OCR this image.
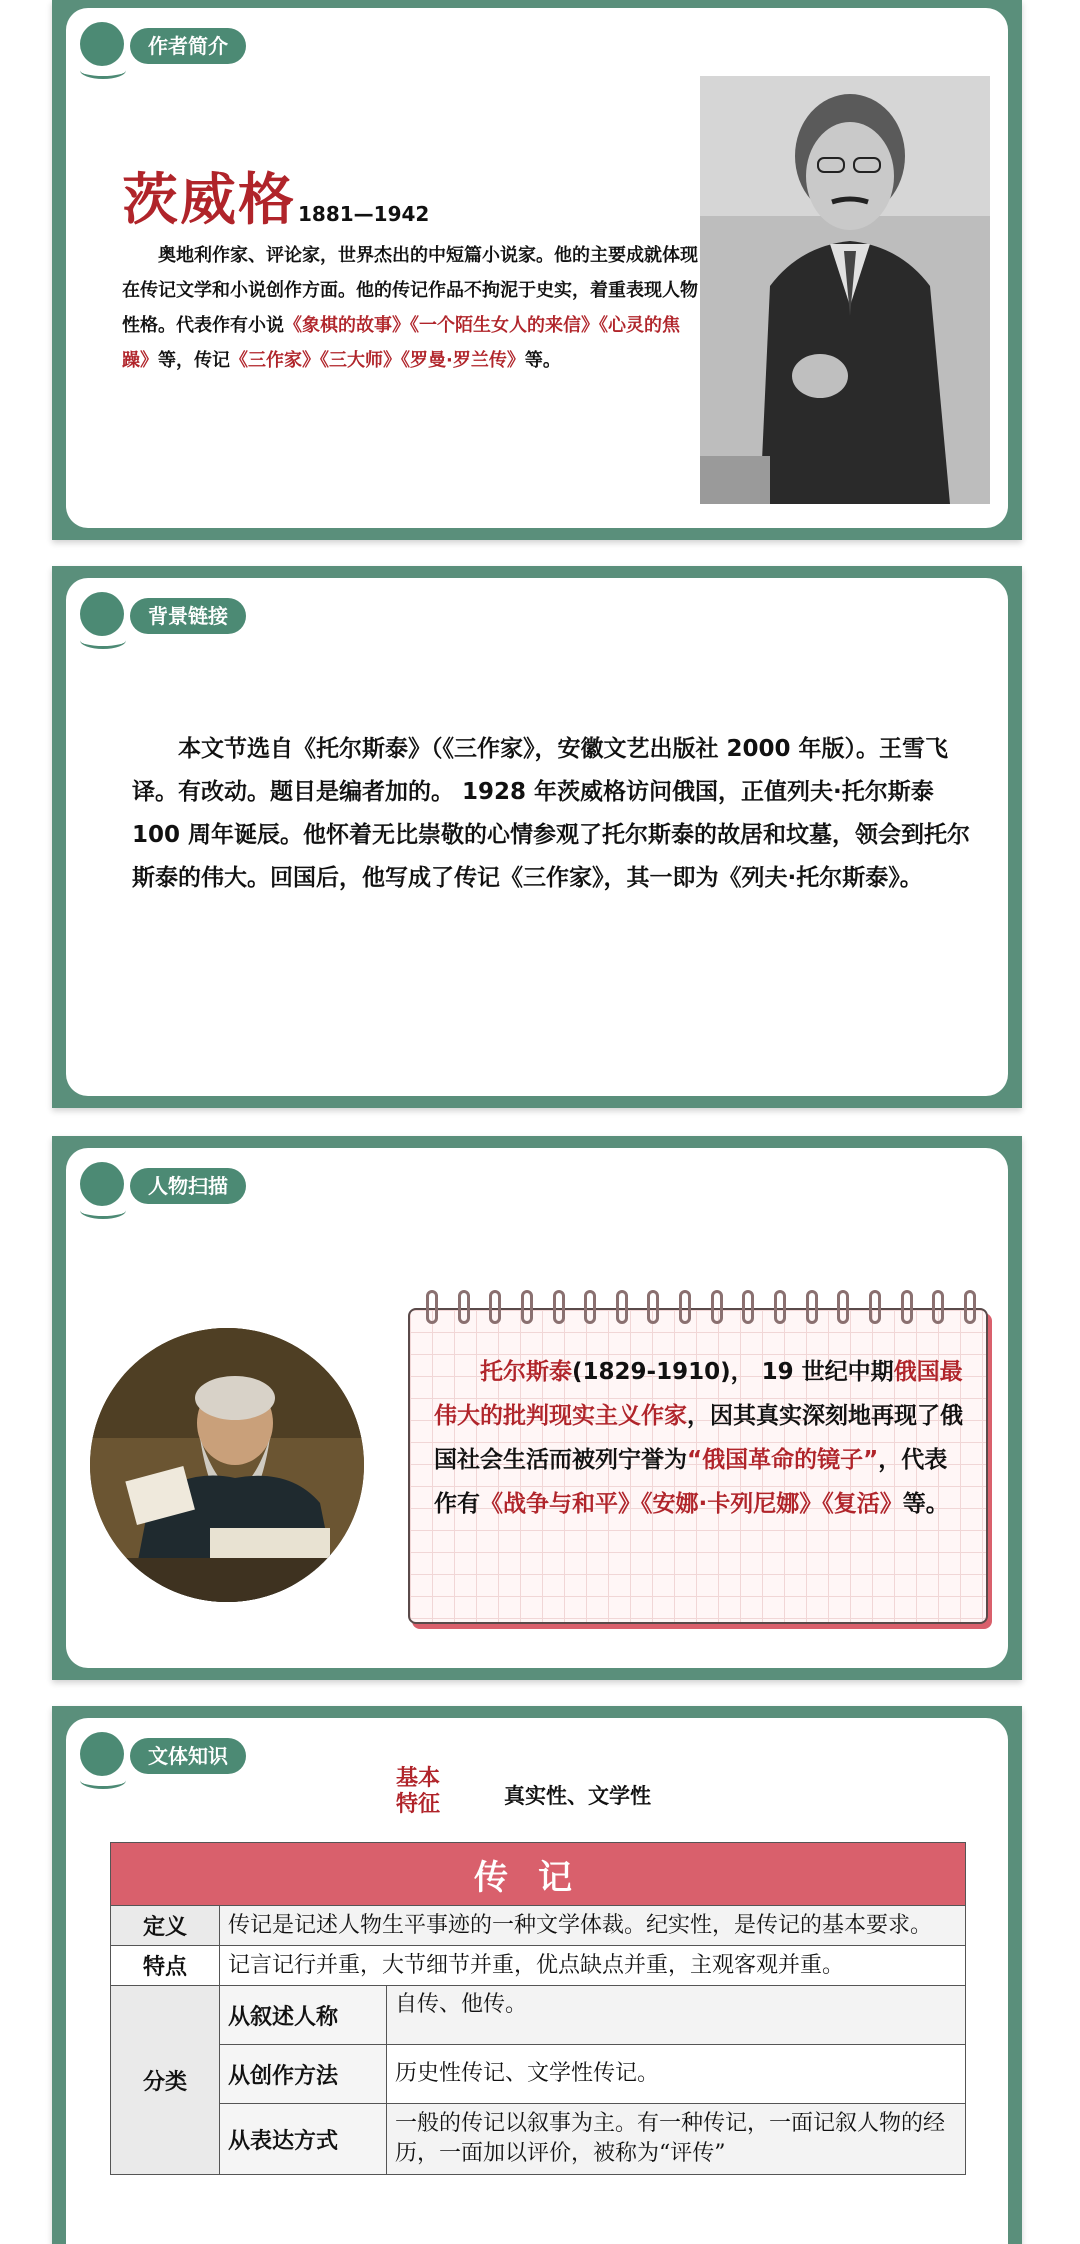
作者简介
茨威格 1881—1942
奥地利作家、评论家，世界杰出的中短篇小说家。他的主要成就体现在传记文学和小说创作方面。他的传记作品不拘泥于史实，着重表现人物性格。代表作有小说《象棋的故事》《一个陌生女人的来信》《心灵的焦躁》等，传记《三作家》《三大师》《罗曼·罗兰传》等。
背景链接
本文节选自《托尔斯泰》（《三作家》，安徽文艺出版社 2000 年版）。王雪飞译。有改动。题目是编者加的。 1928 年茨威格访问俄国，正值列夫·托尔斯泰 100 周年诞辰。他怀着无比崇敬的心情参观了托尔斯泰的故居和坟墓，领会到托尔斯泰的伟大。回国后，他写成了传记《三作家》，其一即为《列夫·托尔斯泰》。
人物扫描
托尔斯泰(1829-1910)， 19 世纪中期俄国最伟大的批判现实主义作家，因其真实深刻地再现了俄国社会生活而被列宁誉为“俄国革命的镜子”，代表作有《战争与和平》《安娜·卡列尼娜》《复活》等。
文体知识
基本
特征	真实性、文学性
传记		
定义	传记是记述人物生平事迹的一种文学体裁。纪实性，是传记的基本要求。	
特点	记言记行并重，大节细节并重，优点缺点并重，主观客观并重。	
分类	从叙述人称	自传、他传。
	从创作方法	历史性传记、文学性传记。
	从表达方式	一般的传记以叙事为主。有一种传记，一面记叙人物的经历，一面加以评价，被称为“评传”
